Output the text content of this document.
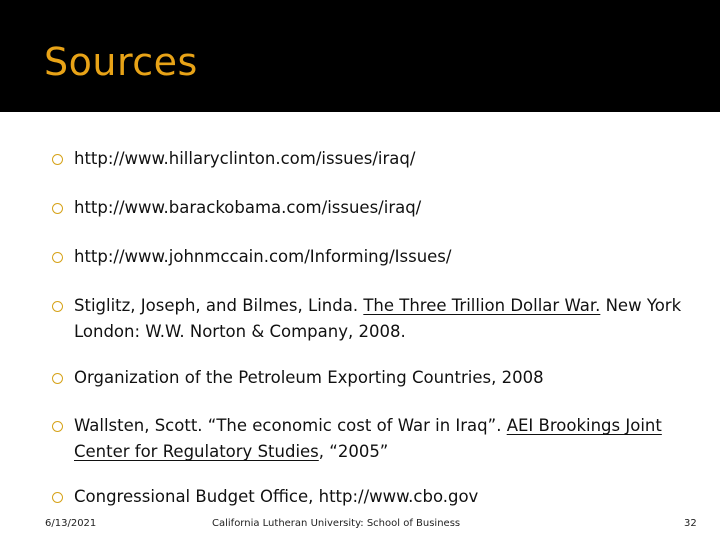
Sources
http://www.hillaryclinton.com/issues/iraq/
http://www.barackobama.com/issues/iraq/
http://www.johnmccain.com/Informing/Issues/
Stiglitz, Joseph, and Bilmes, Linda. The Three Trillion Dollar War. New York London: W.W. Norton & Company, 2008.
Organization of the Petroleum Exporting Countries, 2008
Wallsten, Scott. “The economic cost of War in Iraq”. AEI Brookings Joint Center for Regulatory Studies, “2005”
Congressional Budget Office, http://www.cbo.gov
6/13/2021	California Lutheran University: School of Business	32
